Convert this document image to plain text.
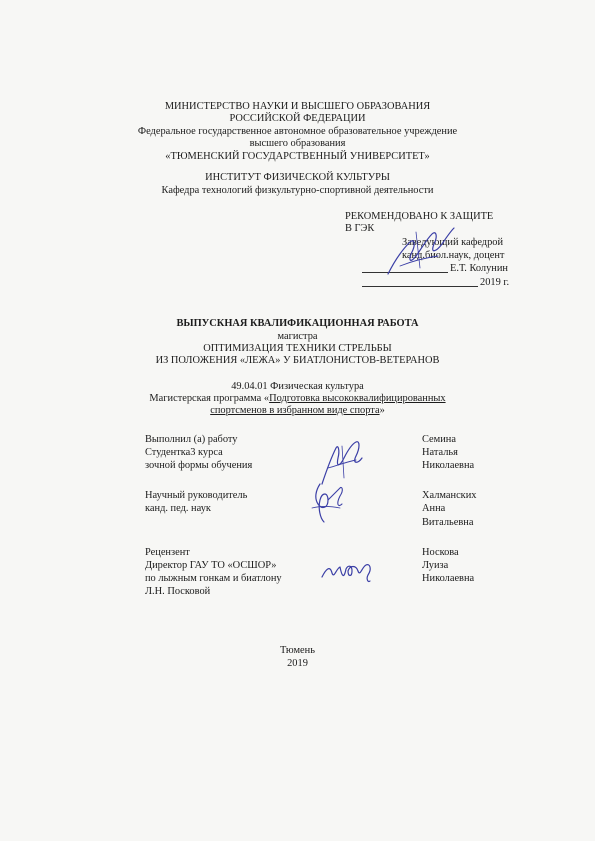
МИНИСТЕРСТВО НАУКИ И ВЫСШЕГО ОБРАЗОВАНИЯ
РОССИЙСКОЙ ФЕДЕРАЦИИ
Федеральное государственное автономное образовательное учреждение
высшего образования
«ТЮМЕНСКИЙ ГОСУДАРСТВЕННЫЙ УНИВЕРСИТЕТ»
ИНСТИТУТ ФИЗИЧЕСКОЙ КУЛЬТУРЫ
Кафедра технологий физкультурно-спортивной деятельности
РЕКОМЕНДОВАНО К ЗАЩИТЕ
В ГЭК
Заведующий кафедрой
канд.биол.наук, доцент
Е.Т. Колунин
2019 г.
ВЫПУСКНАЯ КВАЛИФИКАЦИОННАЯ РАБОТА
магистра
ОПТИМИЗАЦИЯ ТЕХНИКИ СТРЕЛЬБЫ
ИЗ ПОЛОЖЕНИЯ «ЛЕЖА» У БИАТЛОНИСТОВ-ВЕТЕРАНОВ
49.04.01 Физическая культура
Магистерская программа «Подготовка высококвалифицированных
спортсменов в избранном виде спорта»
Выполнил (а) работу
Студентка3 курса
зочной формы обучения
Семина
Наталья
Николаевна
Научный руководитель
канд. пед. наук
Халманских
Анна
Витальевна
Рецензент
Директор ГАУ ТО «ОСШОР»
по лыжным гонкам и биатлону
Л.Н. Посковой
Носкова
Луиза
Николаевна
Тюмень
2019
